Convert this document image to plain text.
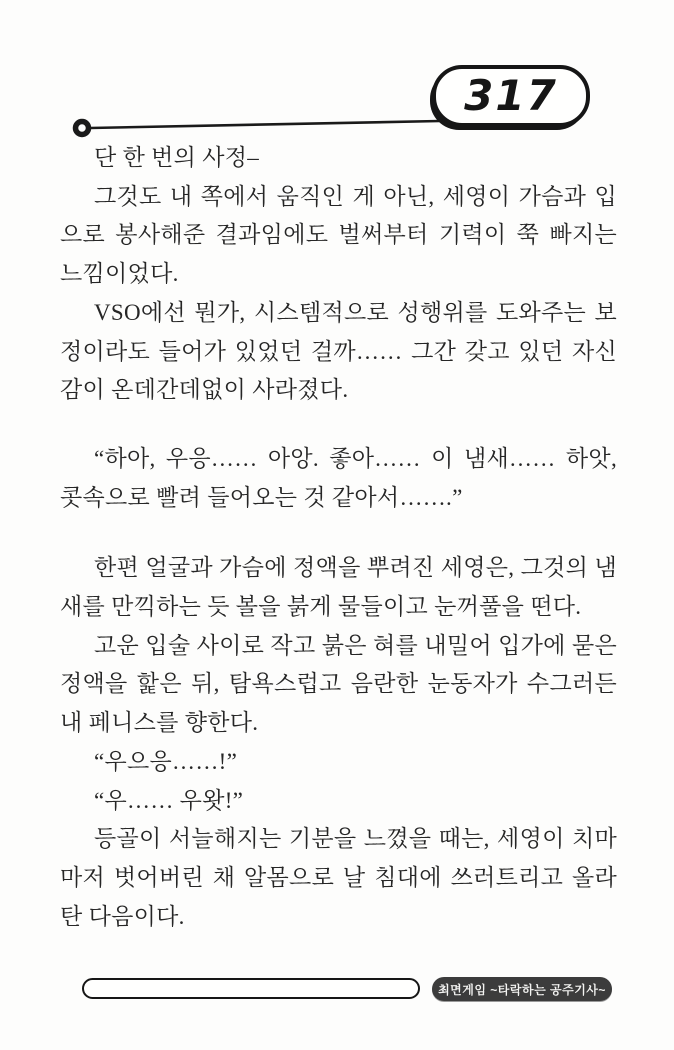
317

단 한 번의 사정–

그것도 내 쪽에서 움직인 게 아닌, 세영이 가슴과 입으로 봉사해준 결과임에도 벌써부터 기력이 쭉 빠지는 느낌이었다.

VSO에선 뭔가, 시스템적으로 성행위를 도와주는 보정이라도 들어가 있었던 걸까…… 그간 갖고 있던 자신감이 온데간데없이 사라졌다.

“하아, 우응…… 아앙. 좋아…… 이 냄새…… 하앗, 콧속으로 빨려 들어오는 것 같아서…….”

한편 얼굴과 가슴에 정액을 뿌려진 세영은, 그것의 냄새를 만끽하는 듯 볼을 붉게 물들이고 눈꺼풀을 떤다.

고운 입술 사이로 작고 붉은 혀를 내밀어 입가에 묻은 정액을 핥은 뒤, 탐욕스럽고 음란한 눈동자가 수그러든 내 페니스를 향한다.

“우으응……!”

“우…… 우왓!”

등골이 서늘해지는 기분을 느꼈을 때는, 세영이 치마마저 벗어버린 채 알몸으로 날 침대에 쓰러트리고 올라탄 다음이다.

최면게임 ~타락하는 공주기사~
